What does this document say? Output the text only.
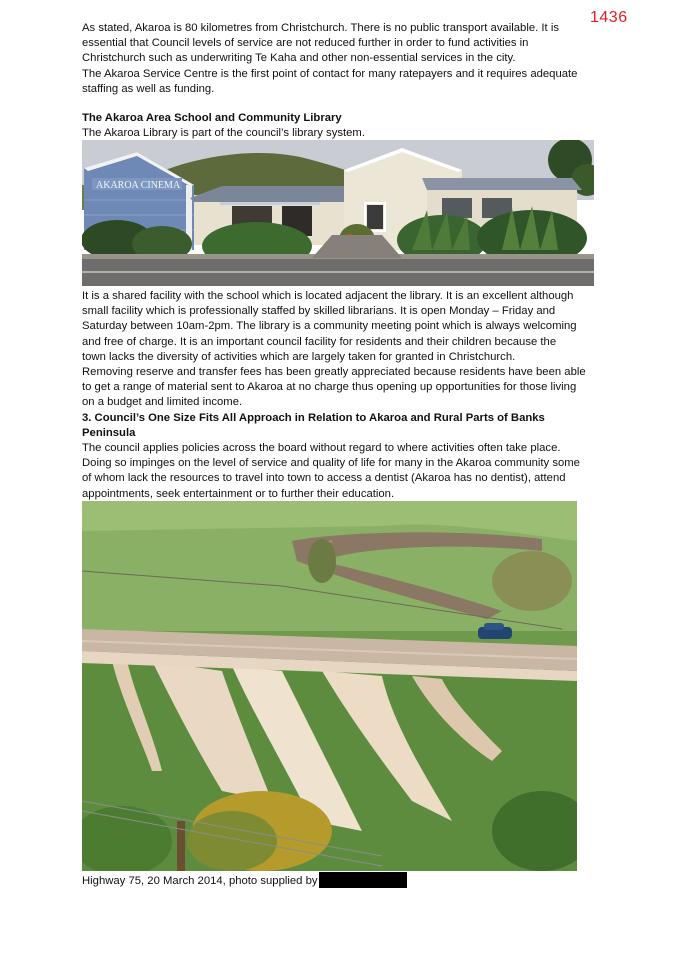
1436

As stated, Akaroa is 80 kilometres from Christchurch. There is no public transport available. It is

essential that Council levels of service are not reduced further in order to fund activities in

Christchurch such as underwriting Te Kaha and other non-essential services in the city.

The Akaroa Service Centre is the first point of contact for many ratepayers and it requires adequate

staffing as well as funding.

The Akaroa Area School and Community Library

The Akaroa Library is part of the council’s library system.

AKAROA CINEMA

It is a shared facility with the school which is located adjacent the library. It is an excellent although

small facility which is professionally staffed by skilled librarians. It is open Monday – Friday and

Saturday between 10am-2pm. The library is a community meeting point which is always welcoming

and free of charge. It is an important council facility for residents and their children because the

town lacks the diversity of activities which are largely taken for granted in Christchurch.

Removing reserve and transfer fees has been greatly appreciated because residents have been able

to get a range of material sent to Akaroa at no charge thus opening up opportunities for those living

on a budget and limited income.

3. Council’s One Size Fits All Approach in Relation to Akaroa and Rural Parts of Banks Peninsula

The council applies policies across the board without regard to where activities often take place.

Doing so impinges on the level of service and quality of life for many in the Akaroa community some

of whom lack the resources to travel into town to access a dentist (Akaroa has no dentist), attend

appointments, seek entertainment or to further their education.

Highway 75, 20 March 2014, photo supplied by
